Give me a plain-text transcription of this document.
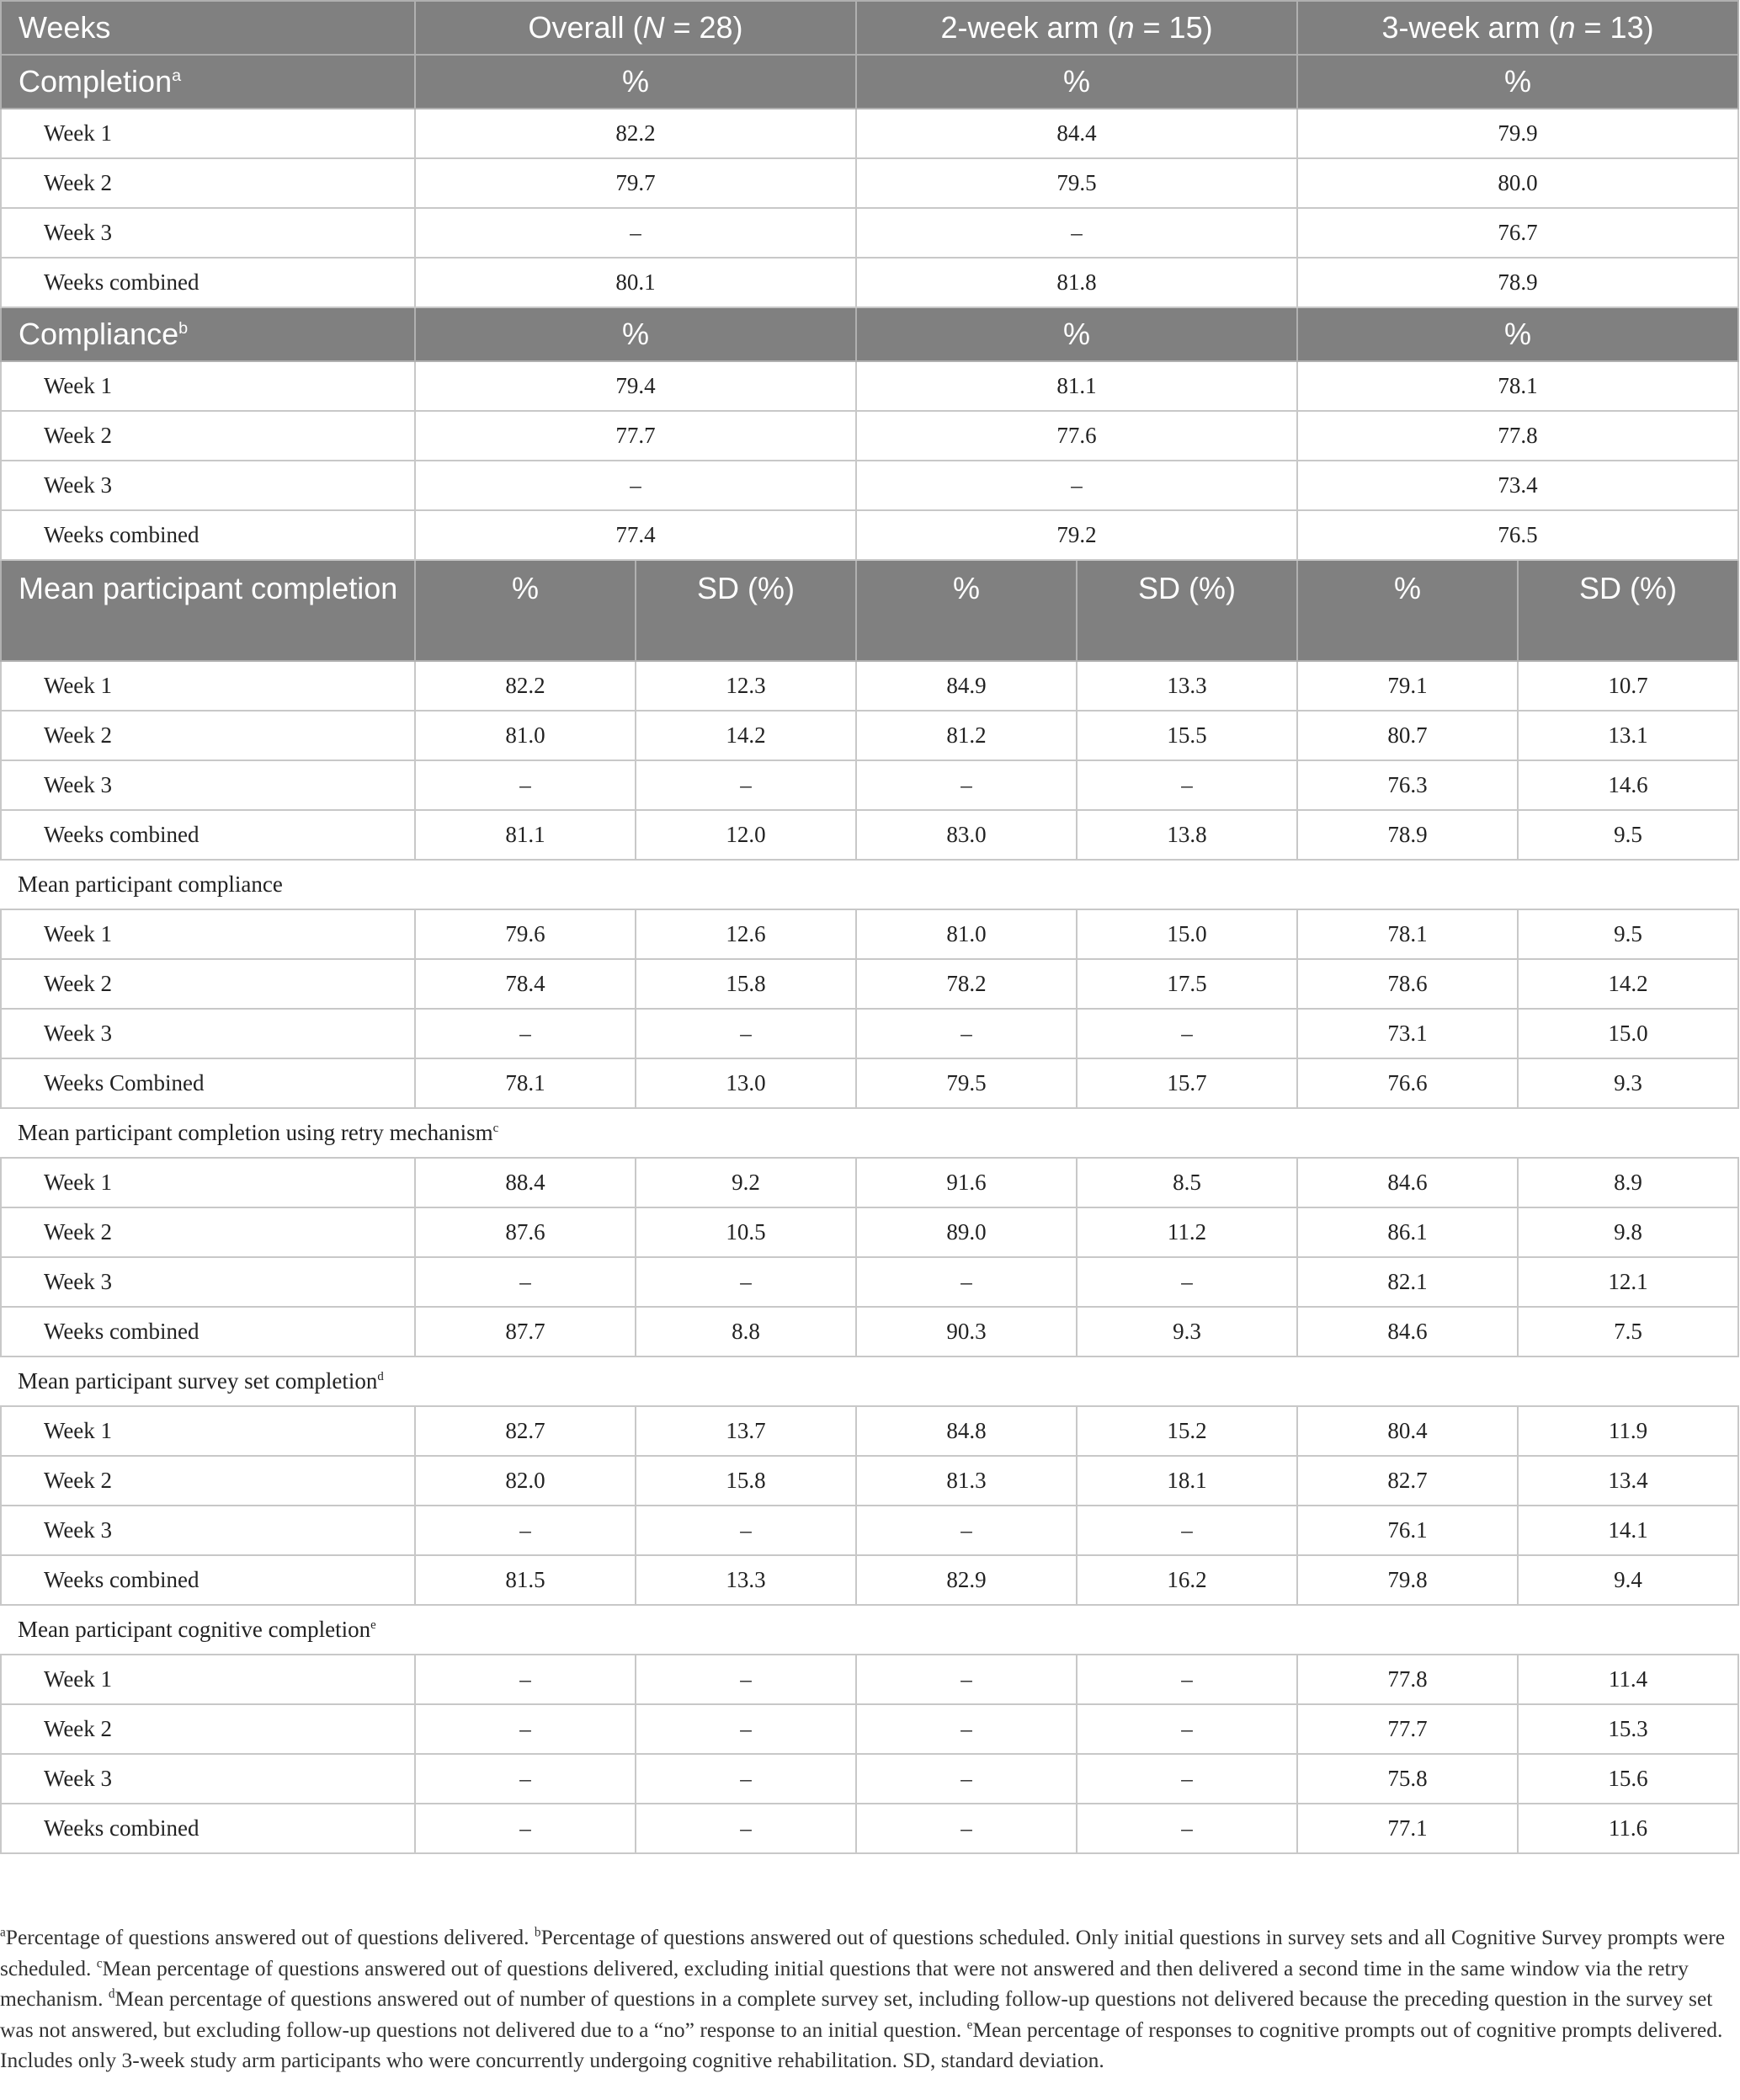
Weeks	Overall (N = 28)		2-week arm (n = 15)		3-week arm (n = 13)	
Completion$^a$	%		%		%	
Week 1	82.2		84.4		79.9	
Week 2	79.7		79.5		80.0	
Week 3	–		–		76.7	
Weeks combined	80.1		81.8		78.9	
Compliance$^b$	%		%		%	
Week 1	79.4		81.1		78.1	
Week 2	77.7		77.6		77.8	
Week 3	–		–		73.4	
Weeks combined	77.4		79.2		76.5	
Mean participant completion	%	SD (%)	%	SD (%)	%	SD (%)
Week 1	82.2	12.3	84.9	13.3	79.1	10.7
Week 2	81.0	14.2	81.2	15.5	80.7	13.1
Week 3	–	–	–	–	76.3	14.6
Weeks combined	81.1	12.0	83.0	13.8	78.9	9.5
Mean participant compliance						
Week 1	79.6	12.6	81.0	15.0	78.1	9.5
Week 2	78.4	15.8	78.2	17.5	78.6	14.2
Week 3	–	–	–	–	73.1	15.0
Weeks Combined	78.1	13.0	79.5	15.7	76.6	9.3
Mean participant completion using retry mechanism$^c$
Week 1	88.4	9.2	91.6	8.5	84.6	8.9
Week 2	87.6	10.5	89.0	11.2	86.1	9.8
Week 3	–	–	–	–	82.1	12.1
Weeks combined	87.7	8.8	90.3	9.3	84.6	7.5
Mean participant survey set completion$^d$
Week 1	82.7	13.7	84.8	15.2	80.4	11.9
Week 2	82.0	15.8	81.3	18.1	82.7	13.4
Week 3	–	–	–	–	76.1	14.1
Weeks combined	81.5	13.3	82.9	16.2	79.8	9.4
Mean participant cognitive completion$^e$
Week 1	–	–	–	–	77.8	11.4
Week 2	–	–	–	–	77.7	15.3
Week 3	–	–	–	–	75.8	15.6
Weeks combined	–	–	–	–	77.1	11.6

$^a$Percentage of questions answered out of questions delivered. $^b$Percentage of questions answered out of questions scheduled. Only initial questions in survey sets and all Cognitive Survey prompts were scheduled. $^c$Mean percentage of questions answered out of questions delivered, excluding initial questions that were not answered and then delivered a second time in the same window via the retry mechanism. $^d$Mean percentage of questions answered out of number of questions in a complete survey set, including follow-up questions not delivered because the preceding question in the survey set was not answered, but excluding follow-up questions not delivered due to a “no” response to an initial question. $^e$Mean percentage of responses to cognitive prompts out of cognitive prompts delivered. Includes only 3-week study arm participants who were concurrently undergoing cognitive rehabilitation. SD, standard deviation.
